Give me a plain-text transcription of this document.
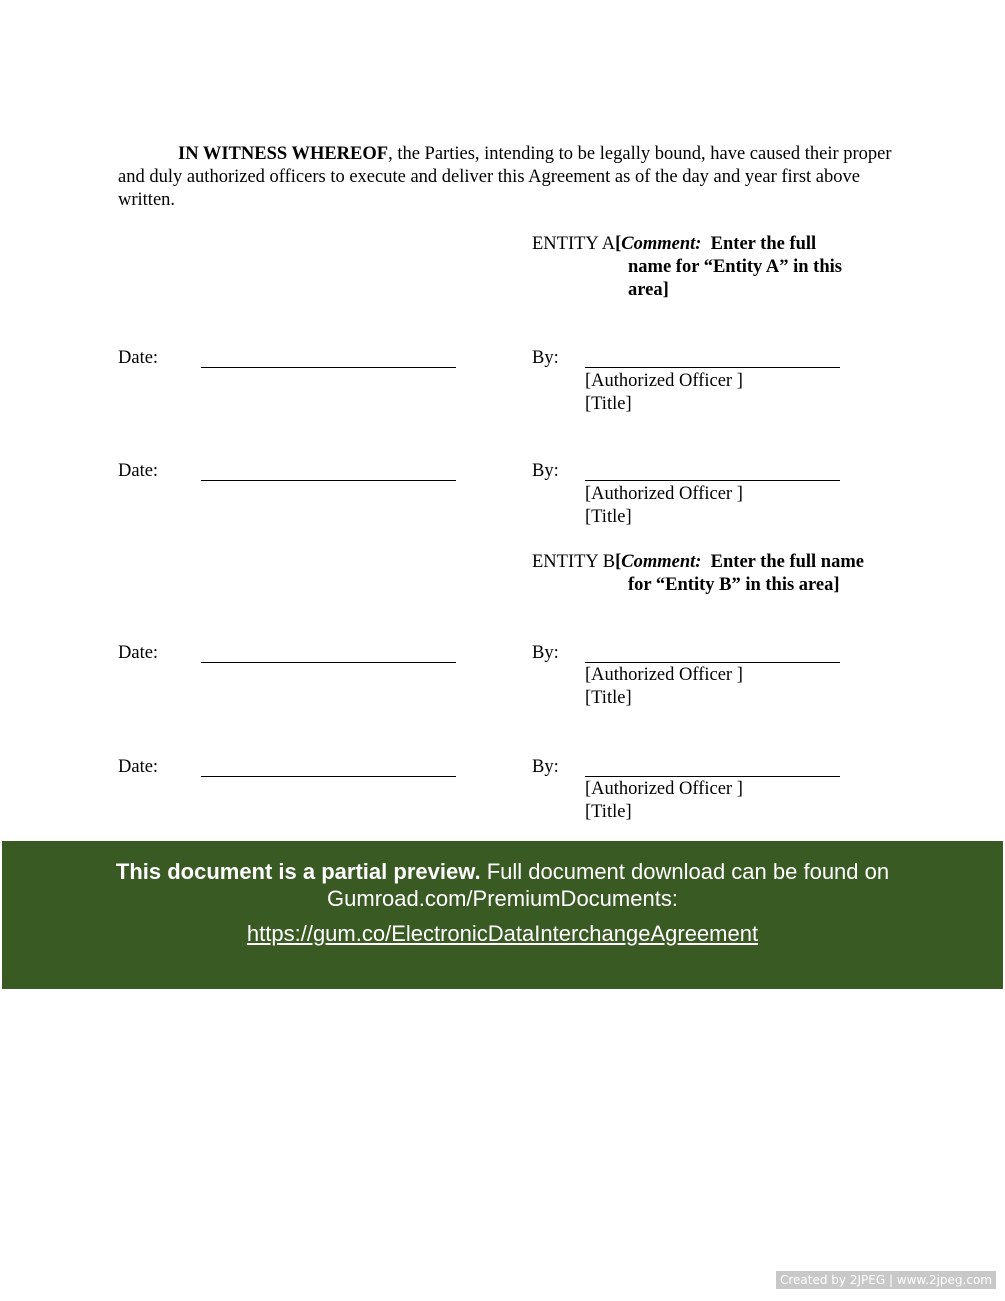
IN WITNESS WHEREOF, the Parties, intending to be legally bound, have caused their proper and duly authorized officers to execute and deliver this Agreement as of the day and year first above written.

ENTITY A[Comment: Enter the full
name for “Entity A” in this
area]
Date:	By:
[Authorized Officer ]
[Title]
Date:	By:
[Authorized Officer ]
[Title]
ENTITY B[Comment: Enter the full name
for “Entity B” in this area]
Date:	By:
[Authorized Officer ]
[Title]
Date:	By:
[Authorized Officer ]
[Title]
This document is a partial preview. Full document download can be found on
Gumroad.com/PremiumDocuments:
https://gum.co/ElectronicDataInterchangeAgreement
Created by 2JPEG | www.2jpeg.com
